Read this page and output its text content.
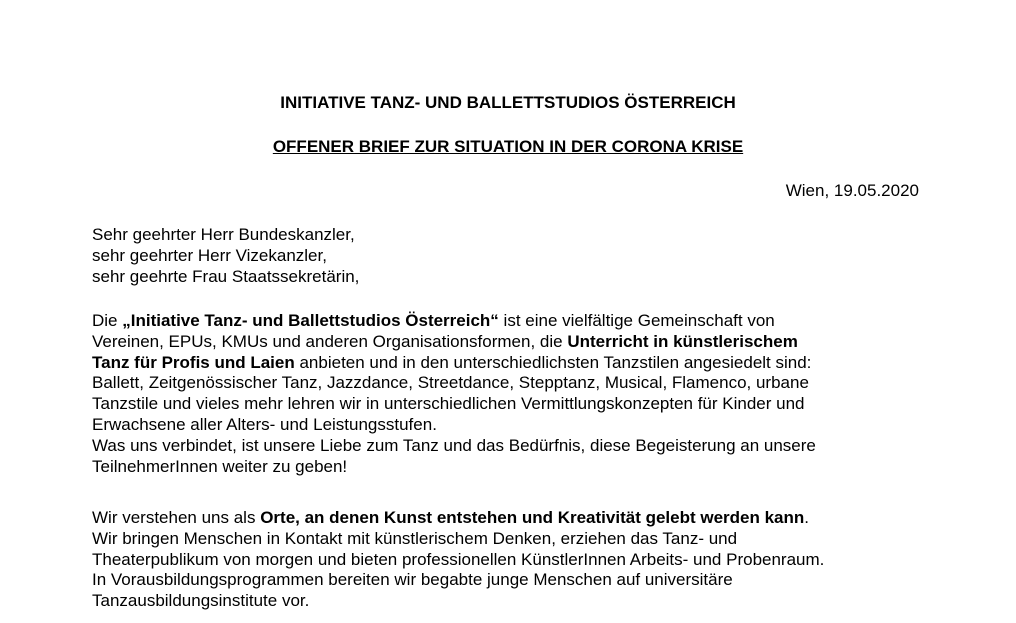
INITIATIVE TANZ- UND BALLETTSTUDIOS ÖSTERREICH
OFFENER BRIEF ZUR SITUATION IN DER CORONA KRISE
Wien, 19.05.2020
Sehr geehrter Herr Bundeskanzler,
sehr geehrter Herr Vizekanzler,
sehr geehrte Frau Staatssekretärin,
Die „Initiative Tanz- und Ballettstudios Österreich“ ist eine vielfältige Gemeinschaft von
Vereinen, EPUs, KMUs und anderen Organisationsformen, die Unterricht in künstlerischem
Tanz für Profis und Laien anbieten und in den unterschiedlichsten Tanzstilen angesiedelt sind:
Ballett, Zeitgenössischer Tanz, Jazzdance, Streetdance, Stepptanz, Musical, Flamenco, urbane
Tanzstile und vieles mehr lehren wir in unterschiedlichen Vermittlungskonzepten für Kinder und
Erwachsene aller Alters- und Leistungsstufen.
Was uns verbindet, ist unsere Liebe zum Tanz und das Bedürfnis, diese Begeisterung an unsere
TeilnehmerInnen weiter zu geben!
Wir verstehen uns als Orte, an denen Kunst entstehen und Kreativität gelebt werden kann.
Wir bringen Menschen in Kontakt mit künstlerischem Denken, erziehen das Tanz- und
Theaterpublikum von morgen und bieten professionellen KünstlerInnen Arbeits- und Probenraum.
In Vorausbildungsprogrammen bereiten wir begabte junge Menschen auf universitäre
Tanzausbildungsinstitute vor.
